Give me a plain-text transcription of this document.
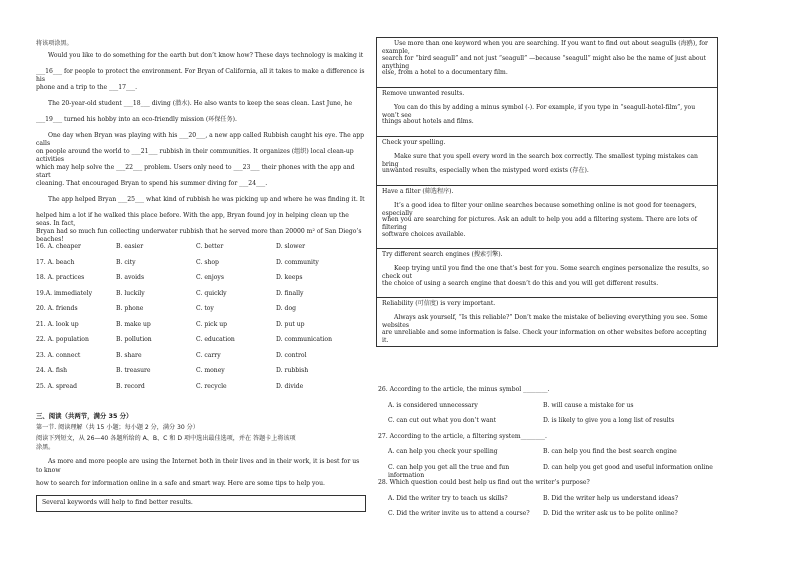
将该项涂黑。

Would you like to do something for the earth but don’t know how? These days technology is making it

___16___ for people to protect the environment. For Bryan of California, all it takes to make a difference is his

phone and a trip to the ___17___.

The 20-year-old student ___18___ diving (潜水). He also wants to keep the seas clean. Last June, he

___19___ turned his hobby into an eco-friendly mission (环保任务).

One day when Bryan was playing with his ___20___, a new app called Rubbish caught his eye. The app calls

on people around the world to ___21___ rubbish in their communities. It organizes (组织) local clean-up activities

which may help solve the ___22___ problem. Users only need to ___23___ their phones with the app and start

cleaning. That encouraged Bryan to spend his summer diving for ___24___.

The app helped Bryan ___25___ what kind of rubbish he was picking up and where he was finding it. It

helped him a lot if he walked this place before. With the app, Bryan found joy in helping clean up the seas. In fact,

Bryan had so much fun collecting underwater rubbish that he served more than 20000 m² of San Diego’s beaches!

16. A. cheaper	B. easier	C. better	D. slower
17. A. beach	B. city	C. shop	D. community
18. A. practices	B. avoids	C. enjoys	D. keeps
19.A. immediately	B. luckily	C. quickly	D. finally
20. A. friends	B. phone	C. toy	D. dog
21. A. look up	B. make up	C. pick up	D. put up
22. A. population	B. pollution	C. education	D. communication
23. A. connect	B. share	C. carry	D. control
24. A. fish	B. treasure	C. money	D. rubbish
25. A. spread	B. record	C. recycle	D. divide

三、阅读（共两节，满分 35 分）

第一节. 阅读理解（共 15 小题；每小题 2 分，满分 30 分）

阅读下列短文，从 26—40 各题所给的 A、B、C 和 D 项中选出最佳选项，并在 答题卡上将该项

涂黑。

As more and more people are using the Internet both in their lives and in their work, it is best for us to know

how to search for information online in a safe and smart way. Here are some tips to help you.

Several keywords will help to find better results.

Use more than one keyword when you are searching. If you want to find out about seagulls (海鸥), for example,

search for “bird seagull” and not just “seagull” —because “seagull” might also be the name of just about anything

else, from a hotel to a documentary film.

Remove unwanted results.

You can do this by adding a minus symbol (-). For example, if you type in “seagull-hotel-film”, you won’t see

things about hotels and films.

Check your spelling.

Make sure that you spell every word in the search box correctly. The smallest typing mistakes can bring

unwanted results, especially when the mistyped word exists (存在).

Have a filter (筛选程序).

It’s a good idea to filter your online searches because something online is not good for teenagers, especially

when you are searching for pictures. Ask an adult to help you add a filtering system. There are lots of filtering

software choices available.

Try different search engines (搜索引擎).

Keep trying until you find the one that’s best for you. Some search engines personalize the results, so check out

the choice of using a search engine that doesn’t do this and you will get different results.

Reliability (可信度) is very important.

Always ask yourself, “Is this reliable?” Don’t make the mistake of believing everything you see. Some websites

are unreliable and some information is false. Check your information on other websites before accepting it.

26. According to the article, the minus symbol ________.

A. is considered unnecessary	B. will cause a mistake for us
C. can cut out what you don’t want	D. is likely to give you a long list of results

27. According to the article, a filtering system________.

A. can help you check your spelling	B. can help you find the best search engine
C. can help you get all the true and fun information
D. can help you get good and useful information online

28. Which question could best help us find out the writer’s purpose?

A. Did the writer try to teach us skills?	B. Did the writer help us understand ideas?
C. Did the writer invite us to attend a course?	D. Did the writer ask us to be polite online?
